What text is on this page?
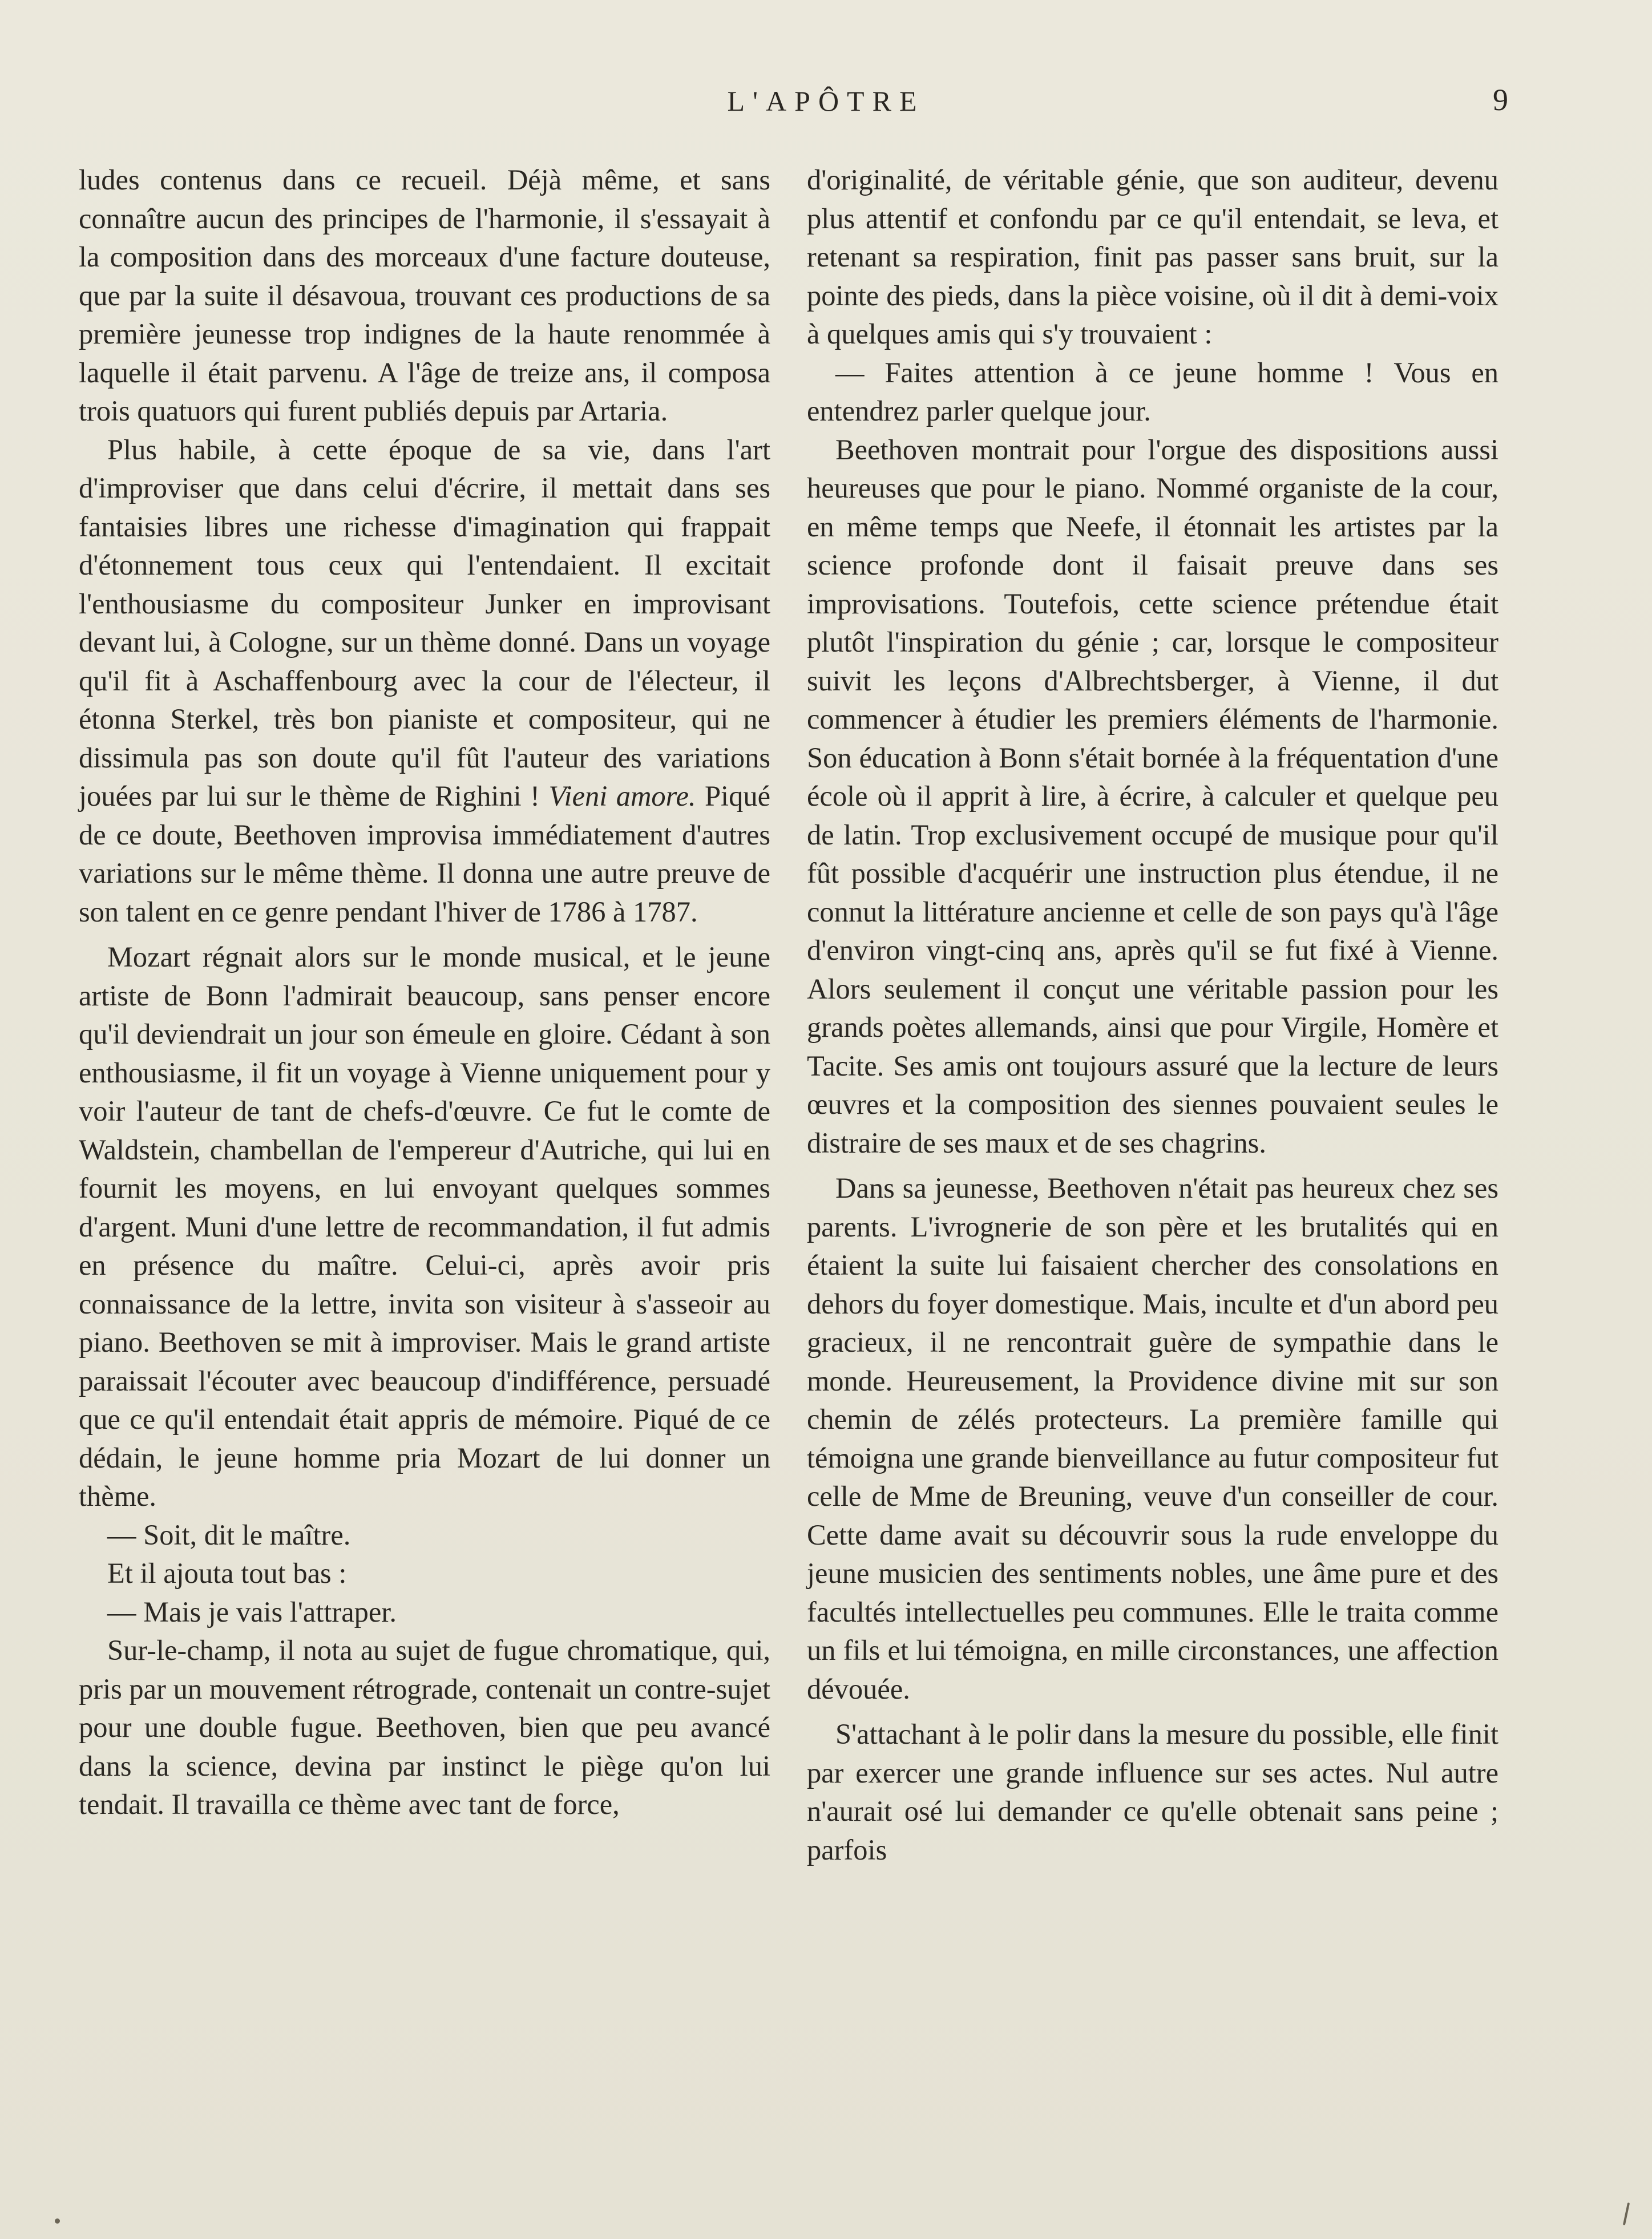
L'APÔTRE	9

ludes contenus dans ce recueil. Déjà même, et sans connaître aucun des principes de l'harmonie, il s'essayait à la composition dans des morceaux d'une facture douteuse, que par la suite il désavoua, trouvant ces productions de sa première jeunesse trop indignes de la haute renommée à laquelle il était parvenu. A l'âge de treize ans, il composa trois quatuors qui furent publiés depuis par Artaria.

Plus habile, à cette époque de sa vie, dans l'art d'improviser que dans celui d'écrire, il mettait dans ses fantaisies libres une richesse d'imagination qui frappait d'étonnement tous ceux qui l'entendaient. Il excitait l'enthousiasme du compositeur Junker en improvisant devant lui, à Cologne, sur un thème donné. Dans un voyage qu'il fit à Aschaffenbourg avec la cour de l'électeur, il étonna Sterkel, très bon pianiste et compositeur, qui ne dissimula pas son doute qu'il fût l'auteur des variations jouées par lui sur le thème de Righini ! Vieni amore. Piqué de ce doute, Beethoven improvisa immédiatement d'autres variations sur le même thème. Il donna une autre preuve de son talent en ce genre pendant l'hiver de 1786 à 1787.

Mozart régnait alors sur le monde musical, et le jeune artiste de Bonn l'admirait beaucoup, sans penser encore qu'il deviendrait un jour son émeule en gloire. Cédant à son enthousiasme, il fit un voyage à Vienne uniquement pour y voir l'auteur de tant de chefs-d'œuvre. Ce fut le comte de Waldstein, chambellan de l'empereur d'Autriche, qui lui en fournit les moyens, en lui envoyant quelques sommes d'argent. Muni d'une lettre de recommandation, il fut admis en présence du maître. Celui-ci, après avoir pris connaissance de la lettre, invita son visiteur à s'asseoir au piano. Beethoven se mit à improviser. Mais le grand artiste paraissait l'écouter avec beaucoup d'indifférence, persuadé que ce qu'il entendait était appris de mémoire. Piqué de ce dédain, le jeune homme pria Mozart de lui donner un thème.

— Soit, dit le maître.

Et il ajouta tout bas :

— Mais je vais l'attraper.

Sur-le-champ, il nota au sujet de fugue chromatique, qui, pris par un mouvement rétrograde, contenait un contre-sujet pour une double fugue. Beethoven, bien que peu avancé dans la science, devina par instinct le piège qu'on lui tendait. Il travailla ce thème avec tant de force,

d'originalité, de véritable génie, que son auditeur, devenu plus attentif et confondu par ce qu'il entendait, se leva, et retenant sa respiration, finit pas passer sans bruit, sur la pointe des pieds, dans la pièce voisine, où il dit à demi-voix à quelques amis qui s'y trouvaient :

— Faites attention à ce jeune homme ! Vous en entendrez parler quelque jour.

Beethoven montrait pour l'orgue des dispositions aussi heureuses que pour le piano. Nommé organiste de la cour, en même temps que Neefe, il étonnait les artistes par la science profonde dont il faisait preuve dans ses improvisations. Toutefois, cette science prétendue était plutôt l'inspiration du génie ; car, lorsque le compositeur suivit les leçons d'Albrechtsberger, à Vienne, il dut commencer à étudier les premiers éléments de l'harmonie. Son éducation à Bonn s'était bornée à la fréquentation d'une école où il apprit à lire, à écrire, à calculer et quelque peu de latin. Trop exclusivement occupé de musique pour qu'il fût possible d'acquérir une instruction plus étendue, il ne connut la littérature ancienne et celle de son pays qu'à l'âge d'environ vingt-cinq ans, après qu'il se fut fixé à Vienne. Alors seulement il conçut une véritable passion pour les grands poètes allemands, ainsi que pour Virgile, Homère et Tacite. Ses amis ont toujours assuré que la lecture de leurs œuvres et la composition des siennes pouvaient seules le distraire de ses maux et de ses chagrins.

Dans sa jeunesse, Beethoven n'était pas heureux chez ses parents. L'ivrognerie de son père et les brutalités qui en étaient la suite lui faisaient chercher des consolations en dehors du foyer domestique. Mais, inculte et d'un abord peu gracieux, il ne rencontrait guère de sympathie dans le monde. Heureusement, la Providence divine mit sur son chemin de zélés protecteurs. La première famille qui témoigna une grande bienveillance au futur compositeur fut celle de Mme de Breuning, veuve d'un conseiller de cour. Cette dame avait su découvrir sous la rude enveloppe du jeune musicien des sentiments nobles, une âme pure et des facultés intellectuelles peu communes. Elle le traita comme un fils et lui témoigna, en mille circonstances, une affection dévouée.

S'attachant à le polir dans la mesure du possible, elle finit par exercer une grande influence sur ses actes. Nul autre n'aurait osé lui demander ce qu'elle obtenait sans peine ; parfois
